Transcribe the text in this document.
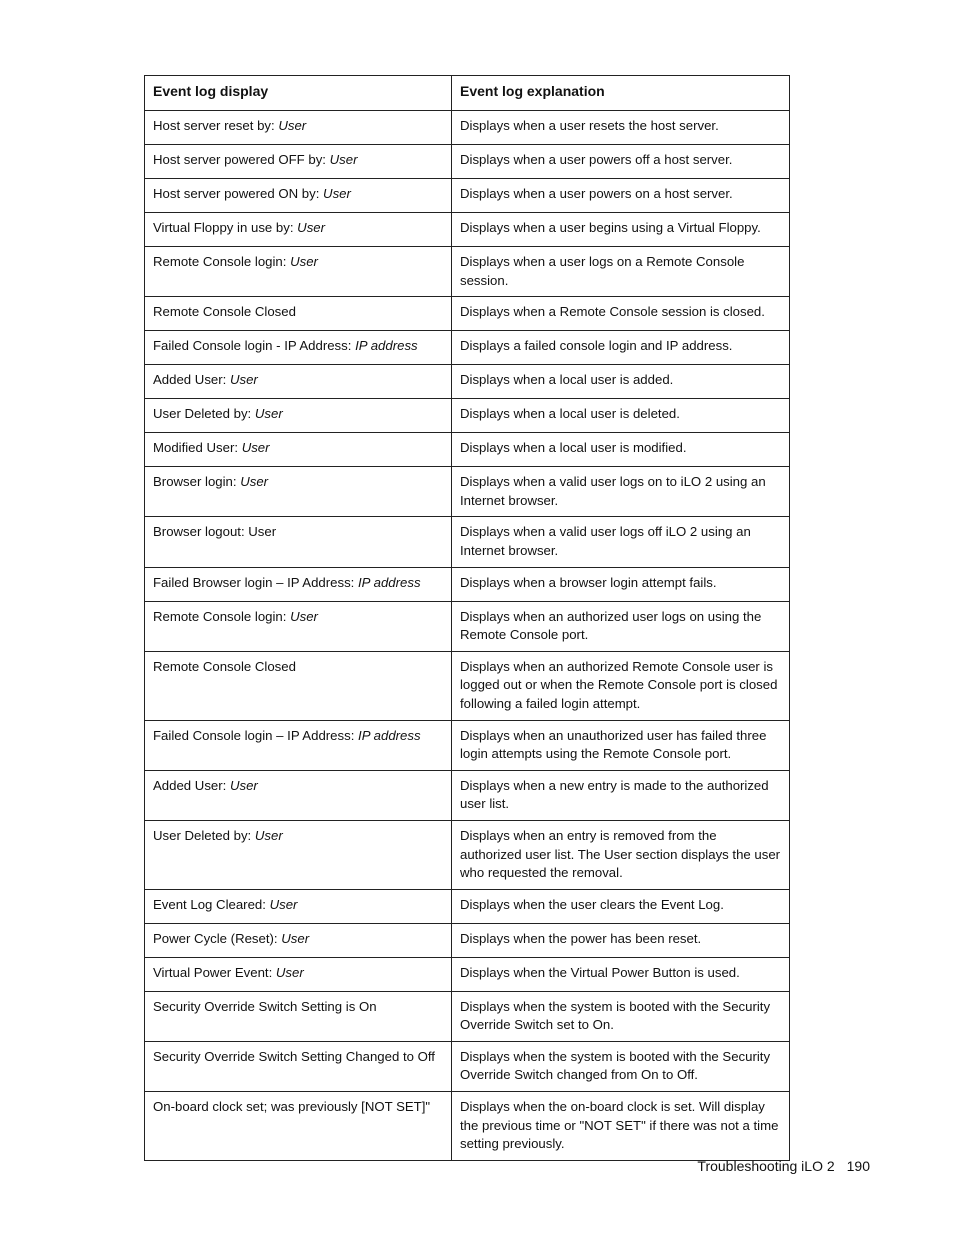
Event log display	Event log explanation
Host server reset by: User	Displays when a user resets the host server.
Host server powered OFF by: User	Displays when a user powers off a host server.
Host server powered ON by: User	Displays when a user powers on a host server.
Virtual Floppy in use by: User	Displays when a user begins using a Virtual Floppy.
Remote Console login: User	Displays when a user logs on a Remote Console session.
Remote Console Closed	Displays when a Remote Console session is closed.
Failed Console login - IP Address: IP address	Displays a failed console login and IP address.
Added User: User	Displays when a local user is added.
User Deleted by: User	Displays when a local user is deleted.
Modified User: User	Displays when a local user is modified.
Browser login: User	Displays when a valid user logs on to iLO 2 using an Internet browser.
Browser logout: User	Displays when a valid user logs off iLO 2 using an Internet browser.
Failed Browser login – IP Address: IP address	Displays when a browser login attempt fails.
Remote Console login: User	Displays when an authorized user logs on using the Remote Console port.
Remote Console Closed	Displays when an authorized Remote Console user is logged out or when the Remote Console port is closed following a failed login attempt.
Failed Console login – IP Address: IP address	Displays when an unauthorized user has failed three login attempts using the Remote Console port.
Added User: User	Displays when a new entry is made to the authorized user list.
User Deleted by: User	Displays when an entry is removed from the authorized user list. The User section displays the user who requested the removal.
Event Log Cleared: User	Displays when the user clears the Event Log.
Power Cycle (Reset): User	Displays when the power has been reset.
Virtual Power Event: User	Displays when the Virtual Power Button is used.
Security Override Switch Setting is On	Displays when the system is booted with the Security Override Switch set to On.
Security Override Switch Setting Changed to Off	Displays when the system is booted with the Security Override Switch changed from On to Off.
On-board clock set; was previously [NOT SET]"	Displays when the on-board clock is set. Will display the previous time or "NOT SET" if there was not a time setting previously.
Troubleshooting iLO 2 190
